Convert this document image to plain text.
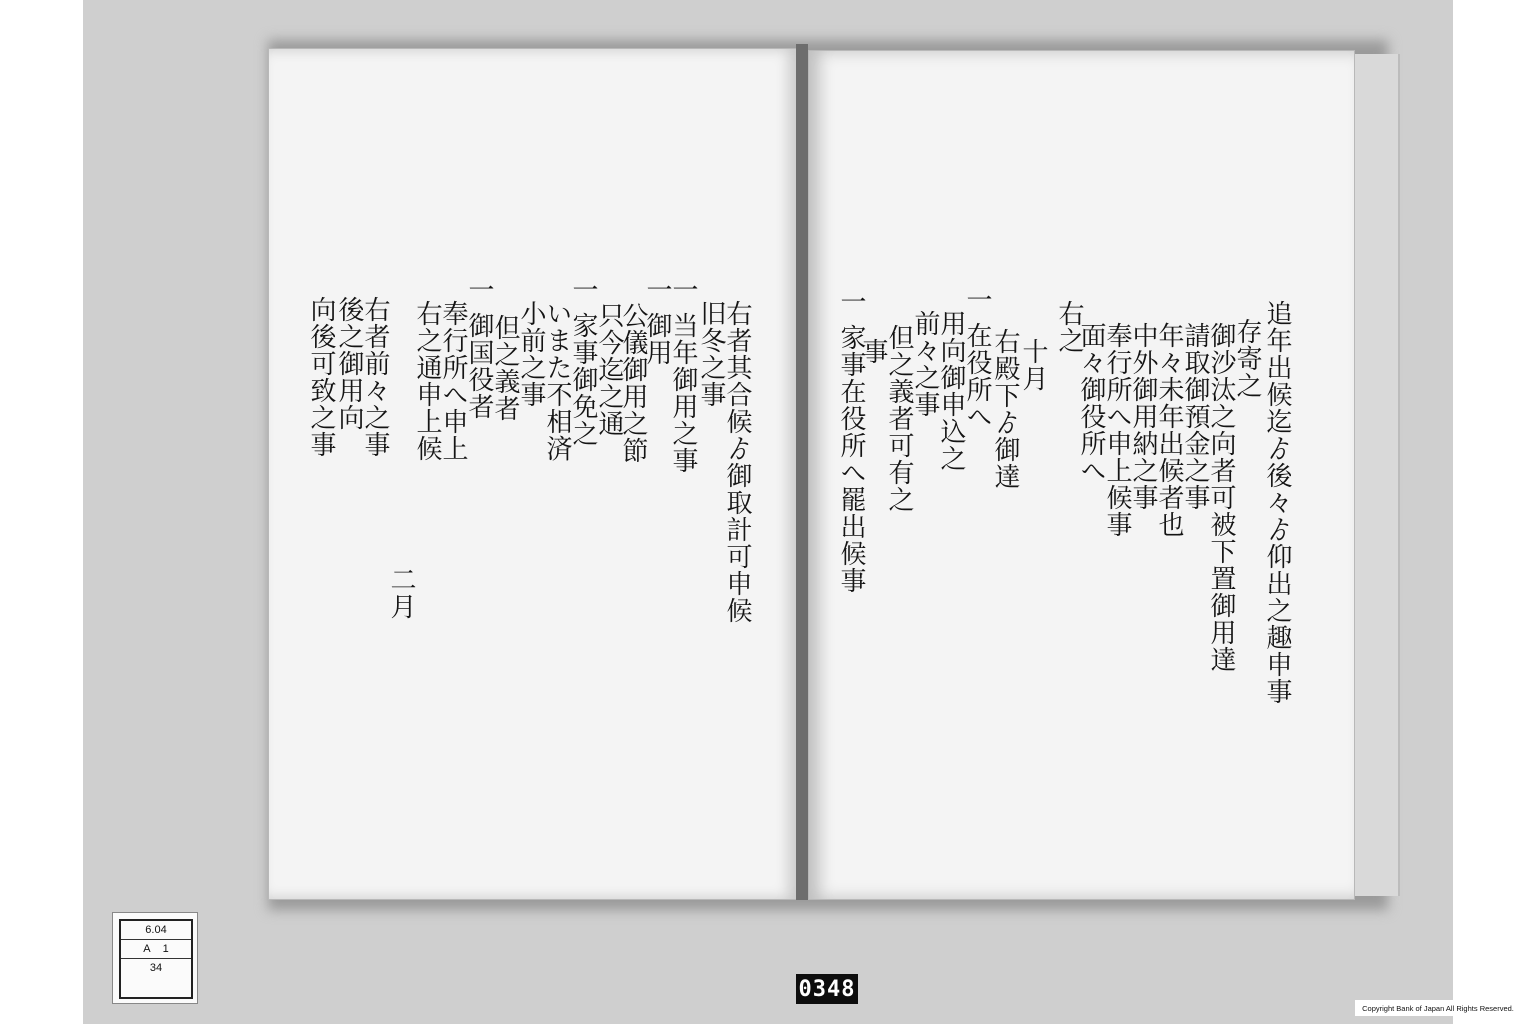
追年出候迄ゟ後々ゟ仰出之趣申事
存寄之
御沙汰之向者可被下置御用達
請取御預金之事
年々未年出候者也
中外御用納之事
奉行所へ申上候事
面々御役所へ
右之
十月
右殿下ゟ御達
一 在役所へ
用向御申込之
前々之事
但之義者可有之
事
一 家事在役所へ罷出候事
右者其合候ゟ御取計可申候
旧冬之事
一 当年御用之事
一 御用
公儀御用之節
只今迄之通
一 家事御免之
いまた不相済
小前之事
但之義者
一 御国役者
奉行所へ申上
右之通申上候
二月
右者前々之事
後之御用向
向後可致之事
6.04
A 1
34
0348
Copyright Bank of Japan All Rights Reserved.
